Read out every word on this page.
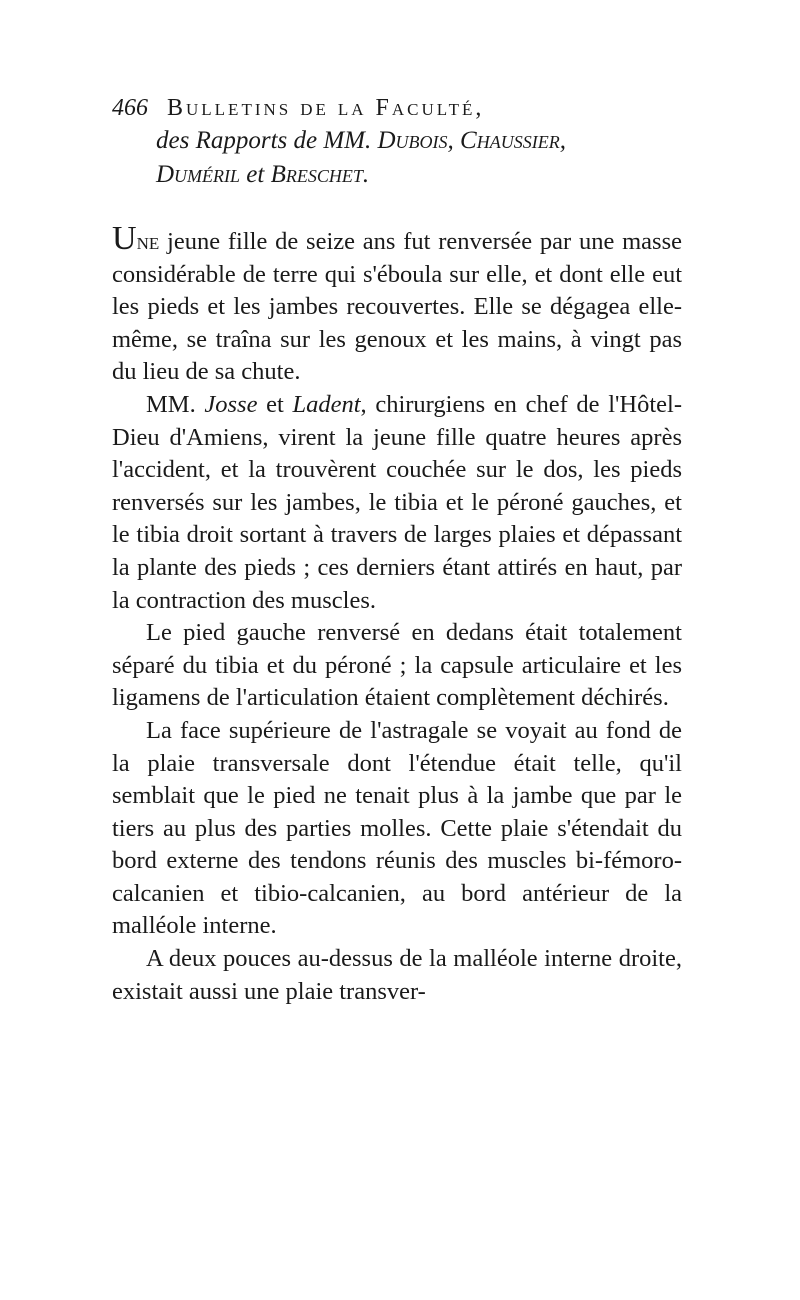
466 Bulletins de la Faculté,
des Rapports de MM. Dubois, Chaussier,
Duméril et Breschet.

Une jeune fille de seize ans fut renversée par une masse considérable de terre qui s'éboula sur elle, et dont elle eut les pieds et les jambes recouvertes. Elle se dégagea elle-même, se traîna sur les genoux et les mains, à vingt pas du lieu de sa chute.

MM. Josse et Ladent, chirurgiens en chef de l'Hôtel-Dieu d'Amiens, virent la jeune fille quatre heures après l'accident, et la trouvèrent couchée sur le dos, les pieds renversés sur les jambes, le tibia et le péroné gauches, et le tibia droit sortant à travers de larges plaies et dépassant la plante des pieds ; ces derniers étant attirés en haut, par la contraction des muscles.

Le pied gauche renversé en dedans était totalement séparé du tibia et du péroné ; la capsule articulaire et les ligamens de l'articulation étaient complètement déchirés.

La face supérieure de l'astragale se voyait au fond de la plaie transversale dont l'étendue était telle, qu'il semblait que le pied ne tenait plus à la jambe que par le tiers au plus des parties molles. Cette plaie s'étendait du bord externe des tendons réunis des muscles bi-fémoro-calcanien et tibio-calcanien, au bord antérieur de la malléole interne.

A deux pouces au-dessus de la malléole interne droite, existait aussi une plaie transver-
